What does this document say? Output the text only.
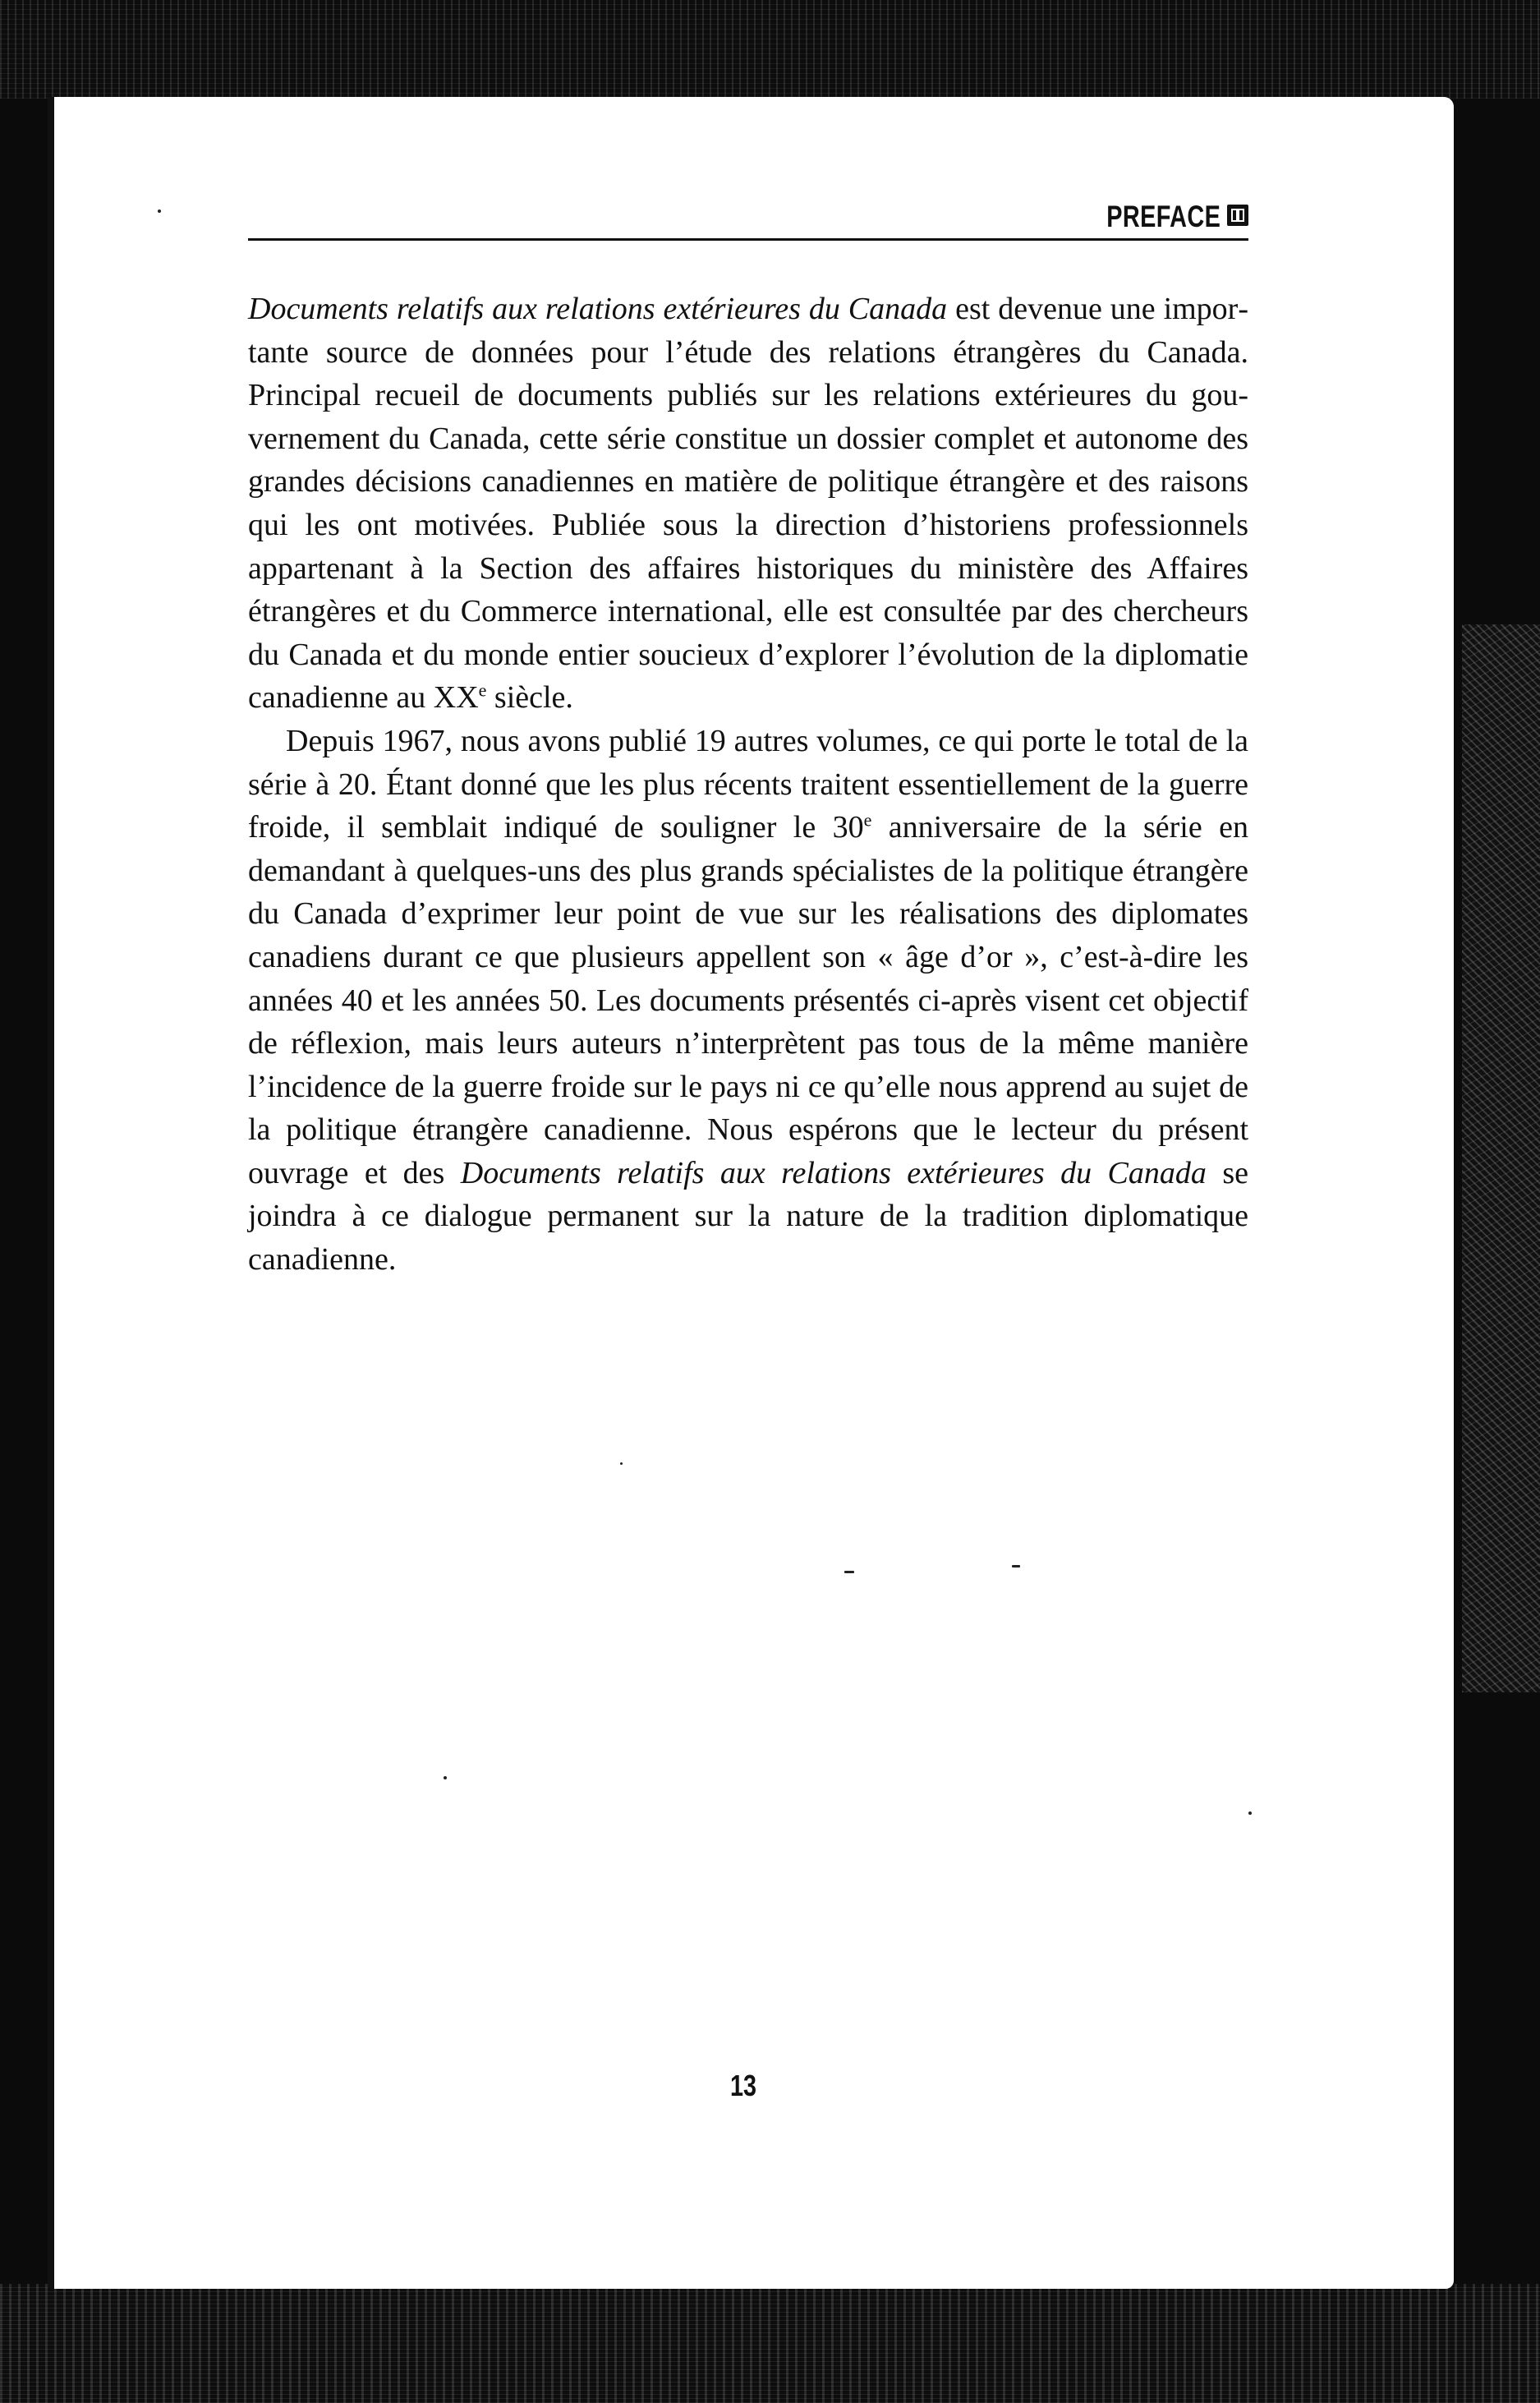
PREFACE

Documents relatifs aux relations extérieures du Canada est devenue une importante source de données pour l’étude des relations étrangères du Canada. Principal recueil de documents publiés sur les relations extérieures du gouvernement du Canada, cette série constitue un dossier complet et autonome des grandes décisions canadiennes en matière de politique étrangère et des raisons qui les ont motivées. Publiée sous la direction d’historiens professionnels appartenant à la Section des affaires historiques du ministère des Affaires étrangères et du Commerce international, elle est consultée par des chercheurs du Canada et du monde entier soucieux d’explorer l’évolution de la diplomatie canadienne au XXe siècle.

Depuis 1967, nous avons publié 19 autres volumes, ce qui porte le total de la série à 20. Étant donné que les plus récents traitent essentiellement de la guerre froide, il semblait indiqué de souligner le 30e anniversaire de la série en demandant à quelques-uns des plus grands spécialistes de la politique étrangère du Canada d’exprimer leur point de vue sur les réalisations des diplomates canadiens durant ce que plusieurs appellent son « âge d’or », c’est-à-dire les années 40 et les années 50. Les documents présentés ci-après visent cet objectif de réflexion, mais leurs auteurs n’interprètent pas tous de la même manière l’incidence de la guerre froide sur le pays ni ce qu’elle nous apprend au sujet de la politique étrangère canadienne. Nous espérons que le lecteur du présent ouvrage et des Documents relatifs aux relations extérieures du Canada se joindra à ce dialogue permanent sur la nature de la tradition diplomatique canadienne.

13
